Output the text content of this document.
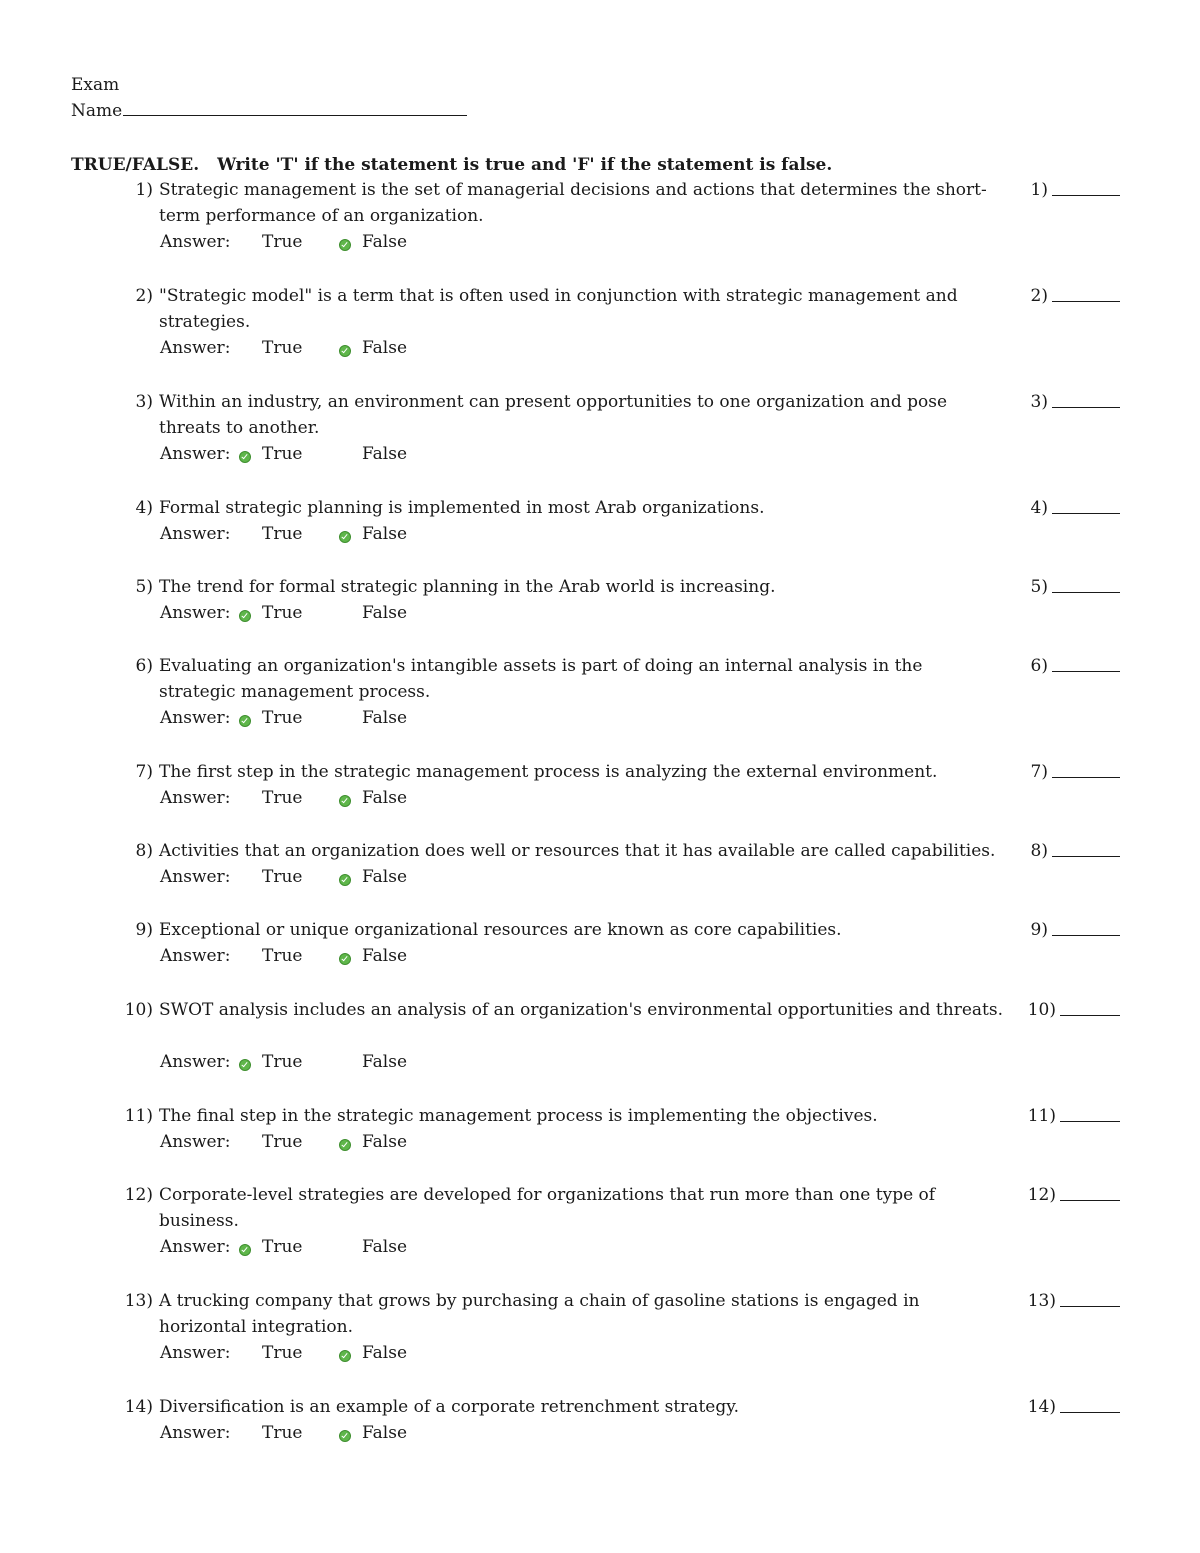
Exam
Name
TRUE/FALSE. Write 'T' if the statement is true and 'F' if the statement is false.
1) Strategic management is the set of managerial decisions and actions that determines the short-term performance of an organization.
Answer: True	False
1)
2) "Strategic model" is a term that is often used in conjunction with strategic management and strategies.
Answer: True	False
2)
3) Within an industry, an environment can present opportunities to one organization and pose threats to another.
Answer: True	False
3)
4) Formal strategic planning is implemented in most Arab organizations.
Answer: True	False
4)
5) The trend for formal strategic planning in the Arab world is increasing.
Answer: True	False
5)
6) Evaluating an organization's intangible assets is part of doing an internal analysis in the strategic management process.
Answer: True	False
6)
7) The first step in the strategic management process is analyzing the external environment.
Answer: True	False
7)
8) Activities that an organization does well or resources that it has available are called capabilities.
Answer: True	False
8)
9) Exceptional or unique organizational resources are known as core capabilities.
Answer: True	False
9)
10) SWOT analysis includes an analysis of an organization's environmental opportunities and threats.
Answer: True	False
10)
11) The final step in the strategic management process is implementing the objectives.
Answer: True	False
11)
12) Corporate-level strategies are developed for organizations that run more than one type of business.
Answer: True	False
12)
13) A trucking company that grows by purchasing a chain of gasoline stations is engaged in horizontal integration.
Answer: True	False
13)
14) Diversification is an example of a corporate retrenchment strategy.
Answer: True	False
14)
